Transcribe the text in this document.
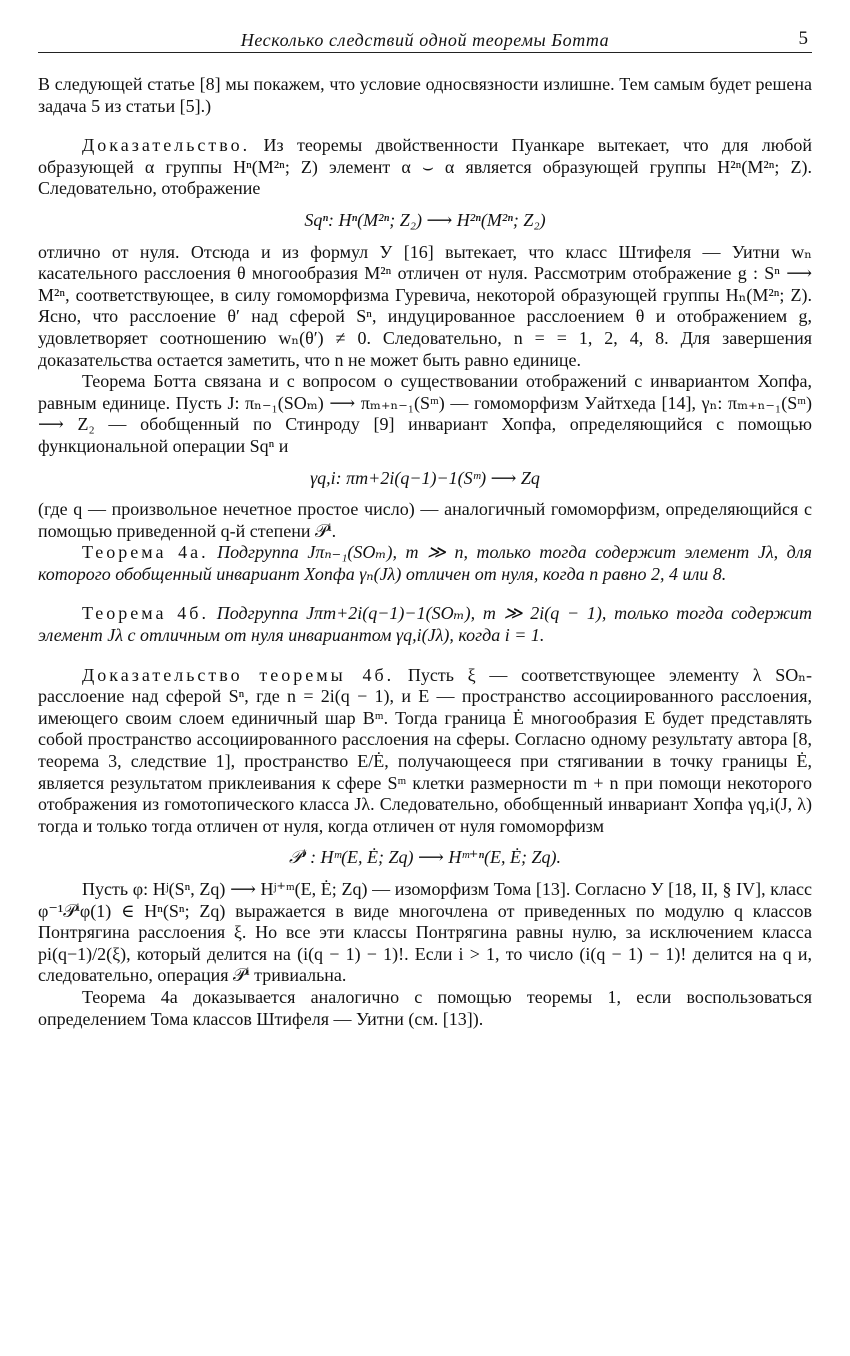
Несколько следствий одной теоремы Ботта	5

В следующей статье [8] мы покажем, что условие односвязности излишне. Тем самым будет решена задача 5 из статьи [5].)

Доказательство. Из теоремы двойственности Пуанкаре вытекает, что для любой образующей α группы Hⁿ(M²ⁿ; Z) элемент α ⌣ α является образующей группы H²ⁿ(M²ⁿ; Z). Следовательно, отображение

Sqⁿ: Hⁿ(M²ⁿ; Z₂) ⟶ H²ⁿ(M²ⁿ; Z₂)

отлично от нуля. Отсюда и из формул У [16] вытекает, что класс Штифеля — Уитни wₙ касательного расслоения θ многообразия M²ⁿ отличен от нуля. Рассмотрим отображение g : Sⁿ ⟶ M²ⁿ, соответствующее, в силу гомоморфизма Гуревича, некоторой образующей группы Hₙ(M²ⁿ; Z). Ясно, что расслоение θ′ над сферой Sⁿ, индуцированное расслоением θ и отображением g, удовлетворяет соотношению wₙ(θ′) ≠ 0. Следовательно, n = = 1, 2, 4, 8. Для завершения доказательства остается заметить, что n не может быть равно единице.

Теорема Ботта связана и с вопросом о существовании отображений с инвариантом Хопфа, равным единице. Пусть J: πₙ₋₁(SOₘ) ⟶ πₘ₊ₙ₋₁(Sᵐ) — гомоморфизм Уайтхеда [14], γₙ: πₘ₊ₙ₋₁(Sᵐ) ⟶ Z₂ — обобщенный по Стинроду [9] инвариант Хопфа, определяющийся с помощью функциональной операции Sqⁿ и

γq,i: πm+2i(q−1)−1(Sᵐ) ⟶ Zq

(где q — произвольное нечетное простое число) — аналогичный гомоморфизм, определяющийся с помощью приведенной q-й степени 𝒫ⁱ.

Теорема 4а. Подгруппа Jπₙ₋₁(SOₘ), m ≫ n, только тогда содержит элемент Jλ, для которого обобщенный инвариант Хопфа γₙ(Jλ) отличен от нуля, когда n равно 2, 4 или 8.

Теорема 4б. Подгруппа Jπm+2i(q−1)−1(SOₘ), m ≫ 2i(q − 1), только тогда содержит элемент Jλ с отличным от нуля инвариантом γq,i(Jλ), когда i = 1.

Доказательство теоремы 4б. Пусть ξ — соответствующее элементу λ SOₙ-расслоение над сферой Sⁿ, где n = 2i(q − 1), и E — пространство ассоциированного расслоения, имеющего своим слоем единичный шар Bᵐ. Тогда граница Ė многообразия E будет представлять собой пространство ассоциированного расслоения на сферы. Согласно одному результату автора [8, теорема 3, следствие 1], пространство E/Ė, получающееся при стягивании в точку границы Ė, является результатом приклеивания к сфере Sᵐ клетки размерности m + n при помощи некоторого отображения из гомотопического класса Jλ. Следовательно, обобщенный инвариант Хопфа γq,i(J, λ) тогда и только тогда отличен от нуля, когда отличен от нуля гомоморфизм

𝒫ⁱ : Hᵐ(E, Ė; Zq) ⟶ Hᵐ⁺ⁿ(E, Ė; Zq).

Пусть φ: Hʲ(Sⁿ, Zq) ⟶ Hʲ⁺ᵐ(E, Ė; Zq) — изоморфизм Тома [13]. Согласно У [18, II, § IV], класс φ⁻¹𝒫ⁱφ(1) ∈ Hⁿ(Sⁿ; Zq) выражается в виде многочлена от приведенных по модулю q классов Понтрягина расслоения ξ. Но все эти классы Понтрягина равны нулю, за исключением класса pi(q−1)/2(ξ), который делится на (i(q − 1) − 1)!. Если i > 1, то число (i(q − 1) − 1)! делится на q и, следовательно, операция 𝒫ⁱ тривиальна.

Теорема 4а доказывается аналогично с помощью теоремы 1, если воспользоваться определением Тома классов Штифеля — Уитни (см. [13]).
